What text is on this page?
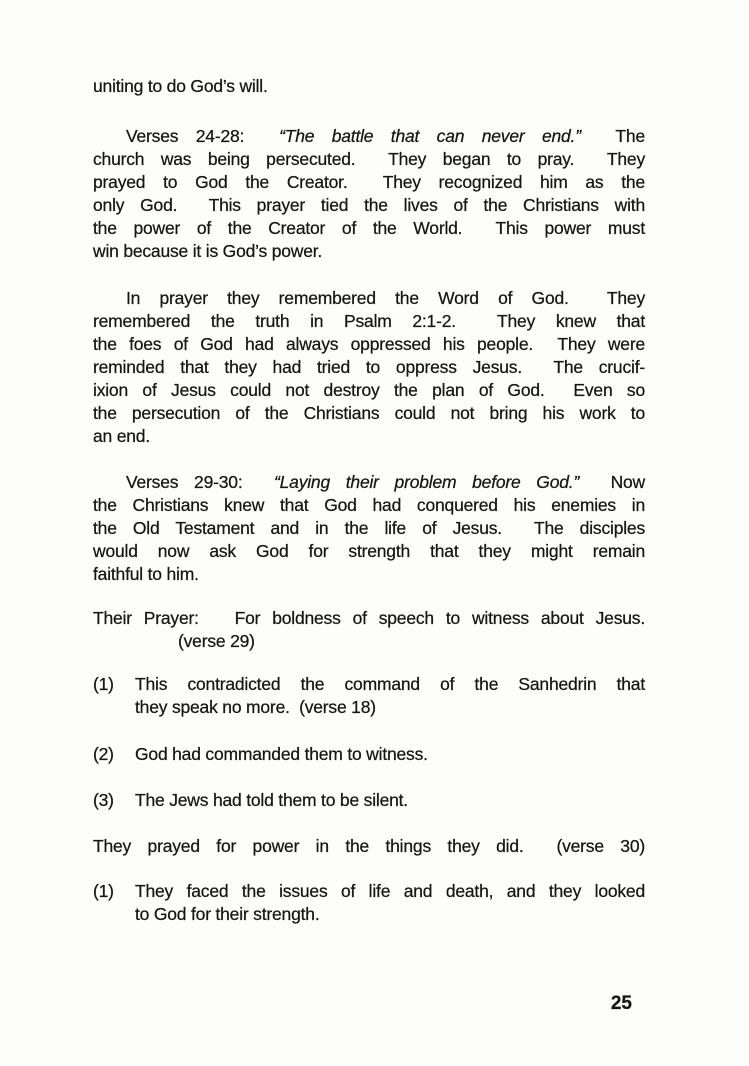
uniting to do God’s will.
Verses 24-28:  “The battle that can never end.”  The
church was being persecuted.  They began to pray.  They
prayed to God the Creator.  They recognized him as the
only God.  This prayer tied the lives of the Christians with
the power of the Creator of the World.  This power must
win because it is God’s power.
In prayer they remembered the Word of God.  They
remembered the truth in Psalm 2:1-2.  They knew that
the foes of God had always oppressed his people.  They were
reminded that they had tried to oppress Jesus.  The crucif-
ixion of Jesus could not destroy the plan of God.  Even so
the persecution of the Christians could not bring his work to
an end.
Verses 29-30:  “Laying their problem before God.”  Now
the Christians knew that God had conquered his enemies in
the Old Testament and in the life of Jesus.  The disciples
would now ask God for strength that they might remain
faithful to him.
Their Prayer:   For boldness of speech to witness about Jesus.
(verse 29)
(1)	This contradicted the command of the Sanhedrin that
they speak no more.  (verse 18)
(2)	God had commanded them to witness.
(3)	The Jews had told them to be silent.
They prayed for power in the things they did.  (verse 30)
(1)	They faced the issues of life and death, and they looked
to God for their strength.
25
